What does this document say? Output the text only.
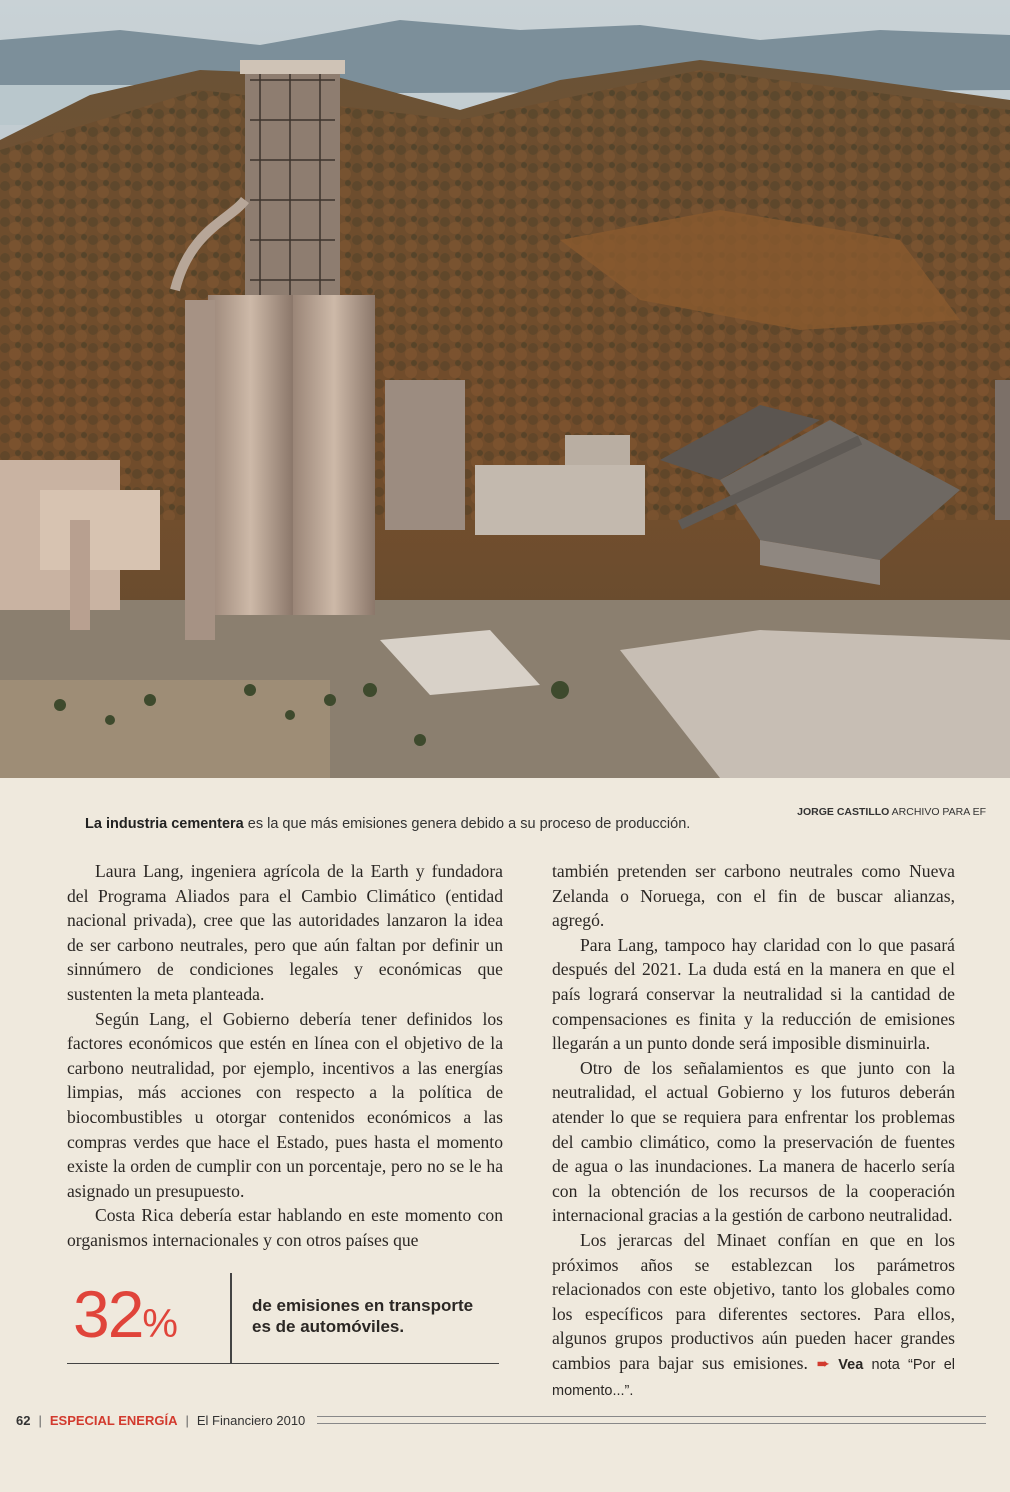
La industria cementera es la que más emisiones genera debido a su proceso de producción.
JORGE CASTILLO ARCHIVO PARA EF

Laura Lang, ingeniera agrícola de la Earth y fundadora del Programa Aliados para el Cambio Climático (entidad nacional privada), cree que las autoridades lanzaron la idea de ser carbono neutrales, pero que aún faltan por definir un sinnúmero de condiciones legales y económicas que sustenten la meta planteada.

Según Lang, el Gobierno debería tener definidos los factores económicos que estén en línea con el objetivo de la carbono neutralidad, por ejemplo, incentivos a las energías limpias, más acciones con respecto a la política de biocombustibles u otorgar contenidos económicos a las compras verdes que hace el Estado, pues hasta el momento existe la orden de cumplir con un porcentaje, pero no se le ha asignado un presupuesto.

Costa Rica debería estar hablando en este momento con organismos internacionales y con otros países que

32%	de emisiones en transporte es de automóviles.

también pretenden ser carbono neutrales como Nueva Zelanda o Noruega, con el fin de buscar alianzas, agregó.

Para Lang, tampoco hay claridad con lo que pasará después del 2021. La duda está en la manera en que el país logrará conservar la neutralidad si la cantidad de compensaciones es finita y la reducción de emisiones llegarán a un punto donde será imposible disminuirla.

Otro de los señalamientos es que junto con la neutralidad, el actual Gobierno y los futuros deberán atender lo que se requiera para enfrentar los problemas del cambio climático, como la preservación de fuentes de agua o las inundaciones. La manera de hacerlo sería con la obtención de los recursos de la cooperación internacional gracias a la gestión de carbono neutralidad.

Los jerarcas del Minaet confían en que en los próximos años se establezcan los parámetros relacionados con este objetivo, tanto los globales como los específicos para diferentes sectores. Para ellos, algunos grupos productivos aún pueden hacer grandes cambios para bajar sus emisiones. ➨ Vea nota “Por el momento...”.

62 | ESPECIAL ENERGÍA | El Financiero 2010
